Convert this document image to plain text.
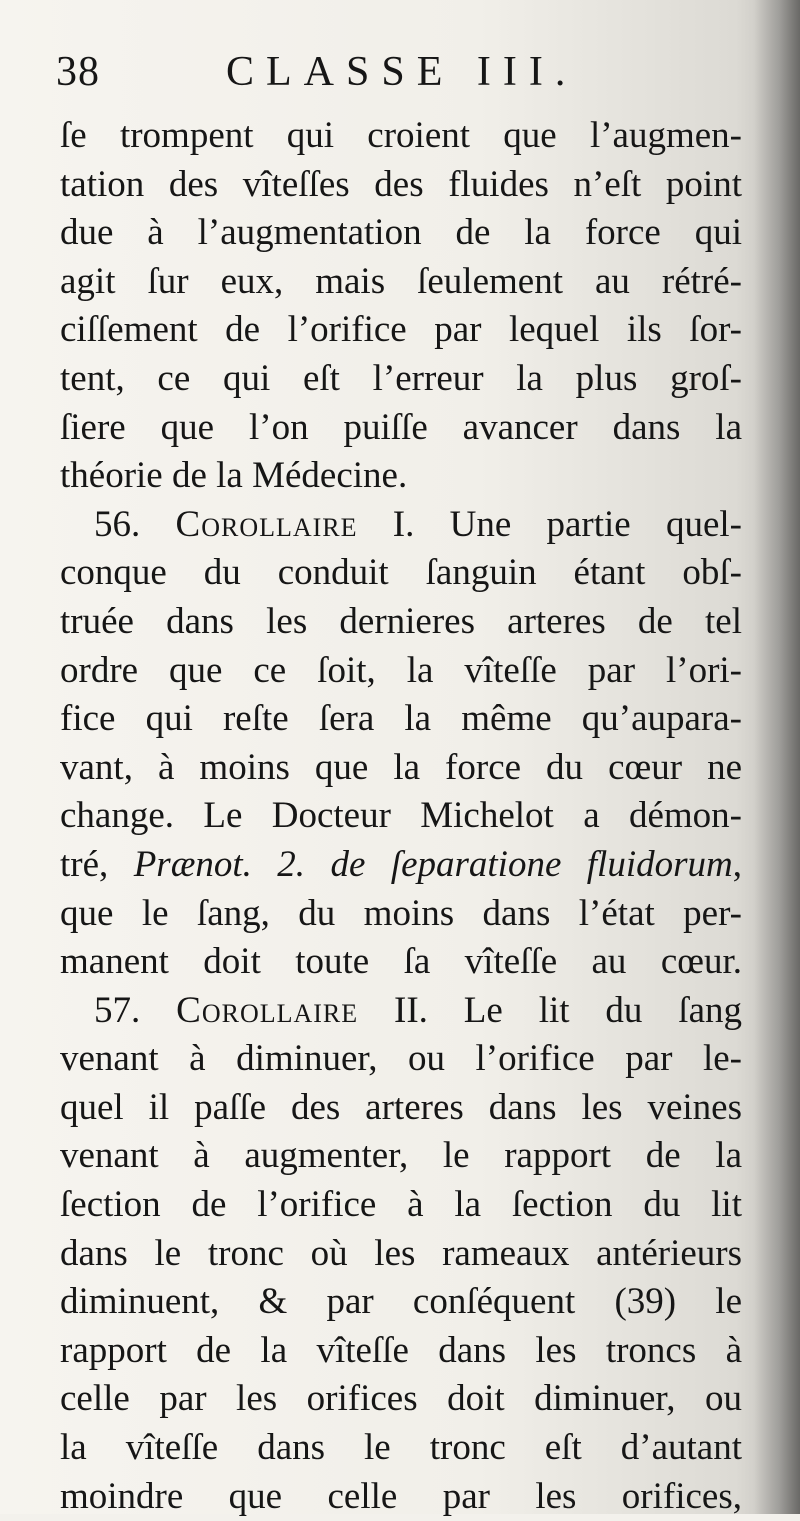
38	CLASSE III.
ſe trompent qui croient que l’augmen-
tation des vîteſſes des fluides n’eſt point
due à l’augmentation de la force qui
agit ſur eux, mais ſeulement au rétré-
ciſſement de l’orifice par lequel ils ſor-
tent, ce qui eſt l’erreur la plus groſ-
ſiere que l’on puiſſe avancer dans la
théorie de la Médecine.
56. Corollaire I. Une partie quel-
conque du conduit ſanguin étant obſ-
truée dans les dernieres arteres de tel
ordre que ce ſoit, la vîteſſe par l’ori-
fice qui reſte ſera la même qu’aupara-
vant, à moins que la force du cœur ne
change. Le Docteur Michelot a démon-
tré, Prænot. 2. de ſeparatione fluidorum,
que le ſang, du moins dans l’état per-
manent doit toute ſa vîteſſe au cœur.
57. Corollaire II. Le lit du ſang
venant à diminuer, ou l’orifice par le-
quel il paſſe des arteres dans les veines
venant à augmenter, le rapport de la
ſection de l’orifice à la ſection du lit
dans le tronc où les rameaux antérieurs
diminuent, & par conſéquent (39) le
rapport de la vîteſſe dans les troncs à
celle par les orifices doit diminuer, ou
la vîteſſe dans le tronc eſt d’autant
moindre que celle par les orifices,
